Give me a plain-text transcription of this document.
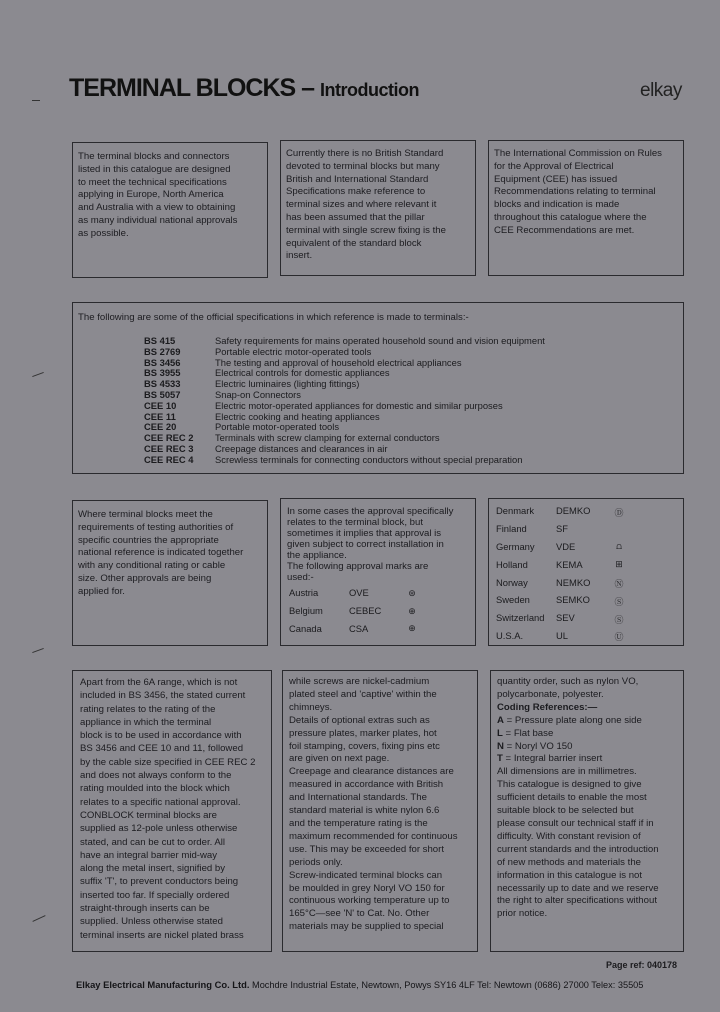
TERMINAL BLOCKS – Introduction	elkay
The terminal blocks and connectors
listed in this catalogue are designed
to meet the technical specifications
applying in Europe, North America
and Australia with a view to obtaining
as many individual national approvals
as possible.
Currently there is no British Standard
devoted to terminal blocks but many
British and International Standard
Specifications make reference to
terminal sizes and where relevant it
has been assumed that the pillar
terminal with single screw fixing is the
equivalent of the standard block
insert.
The International Commission on Rules
for the Approval of Electrical
Equipment (CEE) has issued
Recommendations relating to terminal
blocks and indication is made
throughout this catalogue where the
CEE Recommendations are met.
The following are some of the official specifications in which reference is made to terminals:-
BS 415	Safety requirements for mains operated household sound and vision equipment
BS 2769	Portable electric motor-operated tools
BS 3456	The testing and approval of household electrical appliances
BS 3955	Electrical controls for domestic appliances
BS 4533	Electric luminaires (lighting fittings)
BS 5057	Snap-on Connectors
CEE 10	Electric motor-operated appliances for domestic and similar purposes
CEE 11	Electric cooking and heating appliances
CEE 20	Portable motor-operated tools
CEE REC 2	Terminals with screw clamping for external conductors
CEE REC 3	Creepage distances and clearances in air
CEE REC 4	Screwless terminals for connecting conductors without special preparation
Where terminal blocks meet the
requirements of testing authorities of
specific countries the appropriate
national reference is indicated together
with any conditional rating or cable
size. Other approvals are being
applied for.
In some cases the approval specifically
relates to the terminal block, but
sometimes it implies that approval is
given subject to correct installation in
the appliance.
The following approval marks are
used:-
Austria	OVE	⊛
Belgium	CEBEC	⊕
Canada	CSA	⊕
Denmark	DEMKO	Ⓓ
Finland	SF
Germany	VDE	⩍
Holland	KEMA	⊞
Norway	NEMKO	Ⓝ
Sweden	SEMKO	Ⓢ
Switzerland	SEV	Ⓢ
U.S.A.	UL	Ⓤ
Apart from the 6A range, which is not
included in BS 3456, the stated current
rating relates to the rating of the
appliance in which the terminal
block is to be used in accordance with
BS 3456 and CEE 10 and 11, followed
by the cable size specified in CEE REC 2
and does not always conform to the
rating moulded into the block which
relates to a specific national approval.
CONBLOCK terminal blocks are
supplied as 12-pole unless otherwise
stated, and can be cut to order. All
have an integral barrier mid-way
along the metal insert, signified by
suffix 'T', to prevent conductors being
inserted too far. If specially ordered
straight-through inserts can be
supplied. Unless otherwise stated
terminal inserts are nickel plated brass
while screws are nickel-cadmium
plated steel and 'captive' within the
chimneys.
Details of optional extras such as
pressure plates, marker plates, hot
foil stamping, covers, fixing pins etc
are given on next page.
Creepage and clearance distances are
measured in accordance with British
and International standards. The
standard material is white nylon 6.6
and the temperature rating is the
maximum recommended for continuous
use. This may be exceeded for short
periods only.
Screw-indicated terminal blocks can
be moulded in grey Noryl VO 150 for
continuous working temperature up to
165°C—see 'N' to Cat. No. Other
materials may be supplied to special
quantity order, such as nylon VO,
polycarbonate, polyester.
Coding References:—
A = Pressure plate along one side
L = Flat base
N = Noryl VO 150
T = Integral barrier insert
All dimensions are in millimetres.
This catalogue is designed to give
sufficient details to enable the most
suitable block to be selected but
please consult our technical staff if in
difficulty. With constant revision of
current standards and the introduction
of new methods and materials the
information in this catalogue is not
necessarily up to date and we reserve
the right to alter specifications without
prior notice.
Page ref: 040178
Elkay Electrical Manufacturing Co. Ltd. Mochdre Industrial Estate, Newtown, Powys SY16 4LF Tel: Newtown (0686) 27000 Telex: 35505
